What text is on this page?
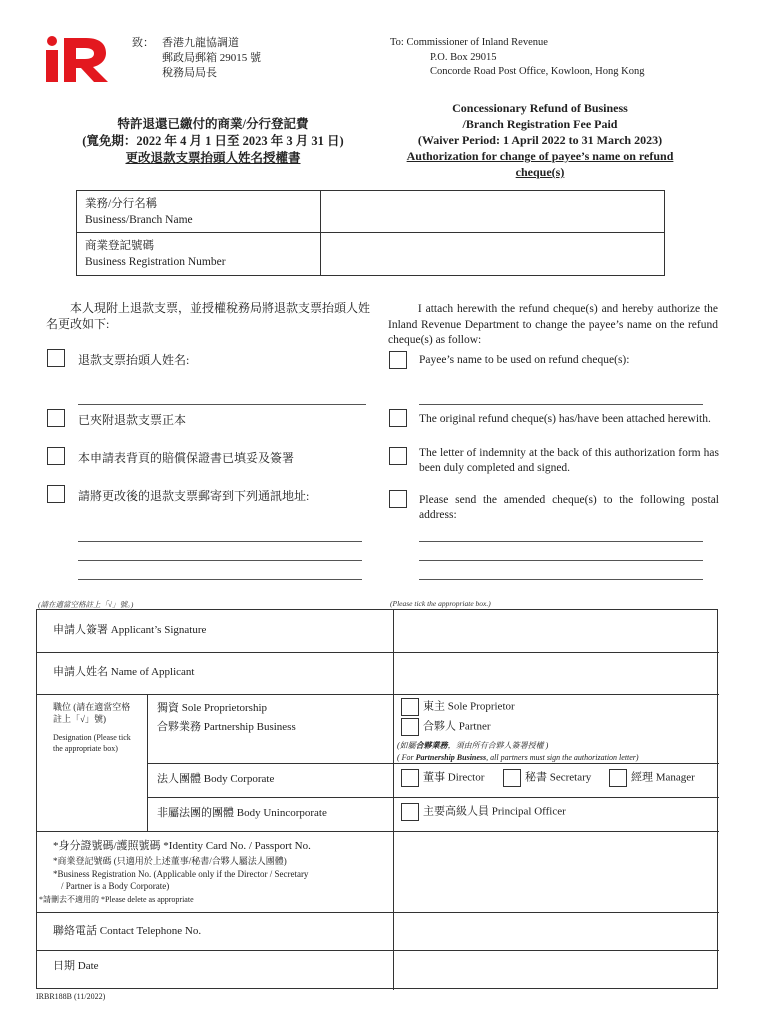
致： 香港九龍協調道
郵政局郵箱 29015 號
稅務局局長
To: Commissioner of Inland Revenue
P.O. Box 29015
Concorde Road Post Office, Kowloon, Hong Kong
特許退還已繳付的商業/分行登記費
(寬免期：2022 年 4 月 1 日至 2023 年 3 月 31 日)
更改退款支票抬頭人姓名授權書
Concessionary Refund of Business
/Branch Registration Fee Paid
(Waiver Period: 1 April 2022 to 31 March 2023)
Authorization for change of payee’s name on refund
cheque(s)
業務/分行名稱
Business/Branch Name
商業登記號碼
Business Registration Number
本人現附上退款支票，並授權稅務局將退款支票抬頭人姓名更改如下:
I attach herewith the refund cheque(s) and hereby authorize the Inland Revenue Department to change the payee’s name on the refund cheque(s) as follow:
退款支票抬頭人姓名:	Payee’s name to be used on refund cheque(s):
已夾附退款支票正本	The original refund cheque(s) has/have been attached herewith.
本申請表背頁的賠償保證書已填妥及簽署	The letter of indemnity at the back of this authorization form has been duly completed and signed.
請將更改後的退款支票郵寄到下列通訊地址:	Please send the amended cheque(s) to the following postal address:
(請在適當空格註上「√」號。)	(Please tick the appropriate box.)
申請人簽署 Applicant’s Signature
申請人姓名 Name of Applicant
職位 (請在適當空格註上「√」號)
Designation (Please tick the appropriate box)
獨資 Sole Proprietorship
合夥業務 Partnership Business
東主 Sole Proprietor
合夥人 Partner
(如屬合夥業務，須由所有合夥人簽署授權 )
( For Partnership Business, all partners must sign the authorization letter)
法人團體 Body Corporate	董事 Director	秘書 Secretary	經理 Manager
非屬法團的團體 Body Unincorporate	主要高級人員 Principal Officer
*身分證號碼/護照號碼 *Identity Card No. / Passport No.
*商業登記號碼 (只適用於上述董事/秘書/合夥人屬法人團體)
*Business Registration No. (Applicable only if the Director / Secretary
/ Partner is a Body Corporate)
*請刪去不適用的 *Please delete as appropriate
聯絡電話 Contact Telephone No.
日期 Date
IRBR188B (11/2022)
